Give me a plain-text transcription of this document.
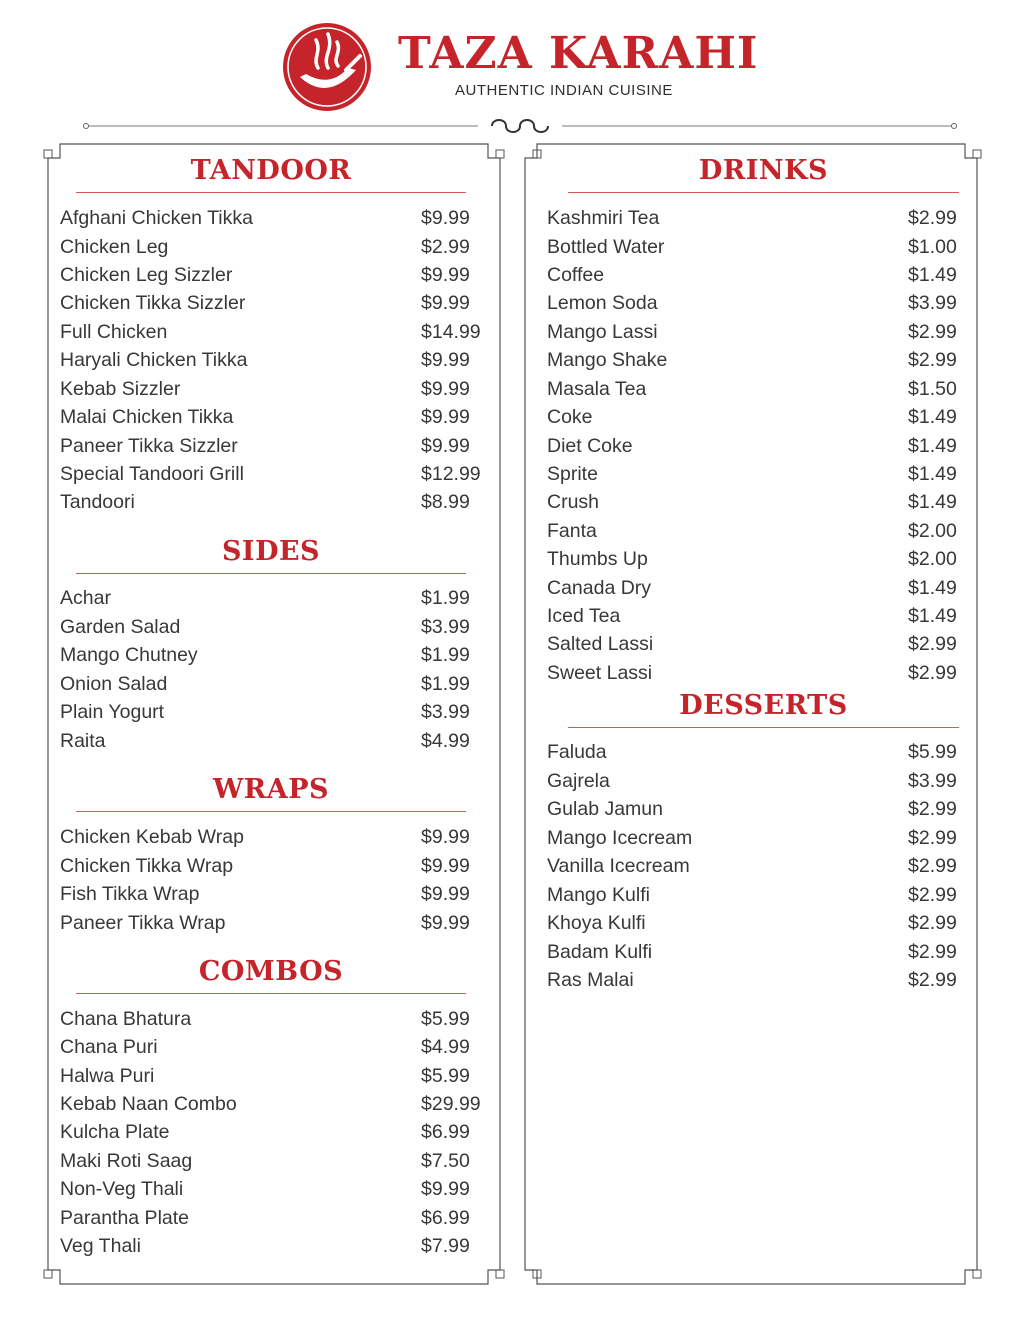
TAZA KARAHI
AUTHENTIC INDIAN CUISINE
TANDOOR
Afghani Chicken Tikka	$9.99
Chicken Leg	$2.99
Chicken Leg Sizzler	$9.99
Chicken Tikka Sizzler	$9.99
Full Chicken	$14.99
Haryali Chicken Tikka	$9.99
Kebab Sizzler	$9.99
Malai Chicken Tikka	$9.99
Paneer Tikka Sizzler	$9.99
Special Tandoori Grill	$12.99
Tandoori	$8.99
SIDES
Achar	$1.99
Garden Salad	$3.99
Mango Chutney	$1.99
Onion Salad	$1.99
Plain Yogurt	$3.99
Raita	$4.99
WRAPS
Chicken Kebab Wrap	$9.99
Chicken Tikka Wrap	$9.99
Fish Tikka Wrap	$9.99
Paneer Tikka Wrap	$9.99
COMBOS
Chana Bhatura	$5.99
Chana Puri	$4.99
Halwa Puri	$5.99
Kebab Naan Combo	$29.99
Kulcha Plate	$6.99
Maki Roti Saag	$7.50
Non-Veg Thali	$9.99
Parantha Plate	$6.99
Veg Thali	$7.99
DRINKS
Kashmiri Tea	$2.99
Bottled Water	$1.00
Coffee	$1.49
Lemon Soda	$3.99
Mango Lassi	$2.99
Mango Shake	$2.99
Masala Tea	$1.50
Coke	$1.49
Diet Coke	$1.49
Sprite	$1.49
Crush	$1.49
Fanta	$2.00
Thumbs Up	$2.00
Canada Dry	$1.49
Iced Tea	$1.49
Salted Lassi	$2.99
Sweet Lassi	$2.99
DESSERTS
Faluda	$5.99
Gajrela	$3.99
Gulab Jamun	$2.99
Mango Icecream	$2.99
Vanilla Icecream	$2.99
Mango Kulfi	$2.99
Khoya Kulfi	$2.99
Badam Kulfi	$2.99
Ras Malai	$2.99
